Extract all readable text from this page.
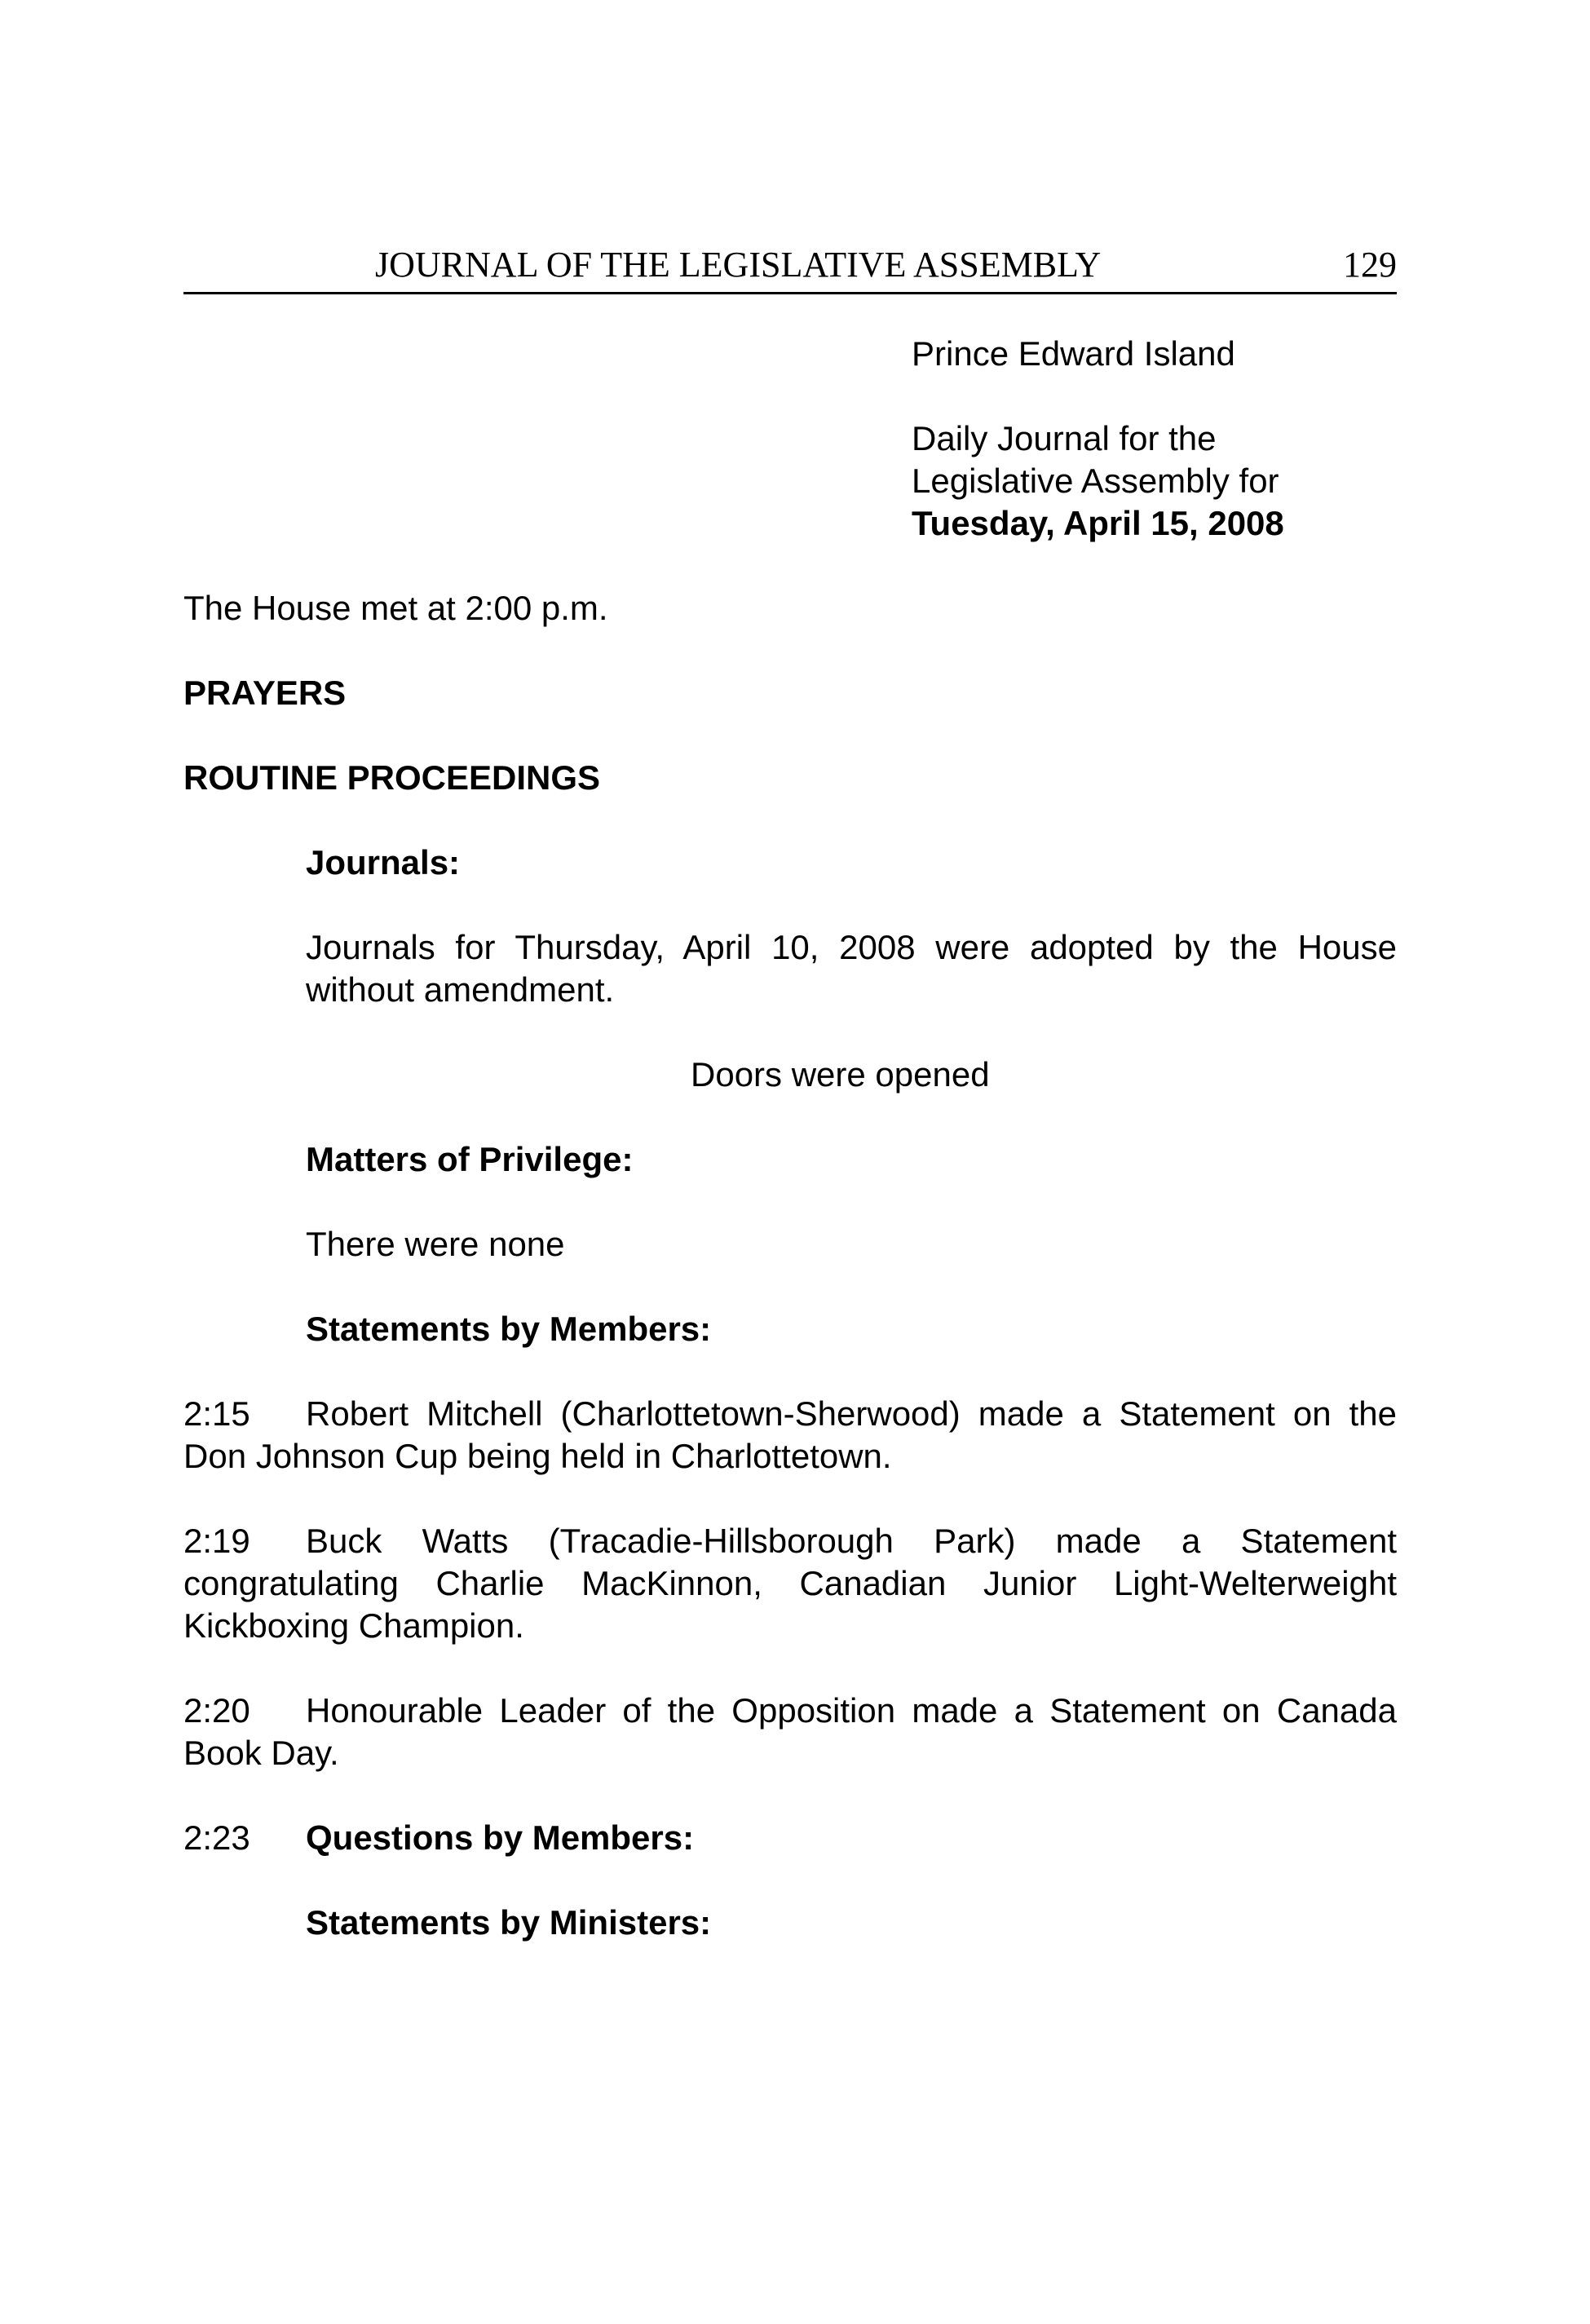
JOURNAL OF THE LEGISLATIVE ASSEMBLY	129
Prince Edward Island
Daily Journal for the
Legislative Assembly for
Tuesday, April 15, 2008
The House met at 2:00 p.m.
PRAYERS
ROUTINE PROCEEDINGS
Journals:
Journals for Thursday, April 10, 2008 were adopted by the House without amendment.
Doors were opened
Matters of Privilege:
There were none
Statements by Members:
2:15	Robert Mitchell (Charlottetown-Sherwood) made a Statement on the Don Johnson Cup being held in Charlottetown.
2:19	Buck Watts (Tracadie-Hillsborough Park) made a Statement congratulating Charlie MacKinnon, Canadian Junior Light-Welterweight Kickboxing Champion.
2:20	Honourable Leader of the Opposition made a Statement on Canada Book Day.
2:23 Questions by Members:
Statements by Ministers:
